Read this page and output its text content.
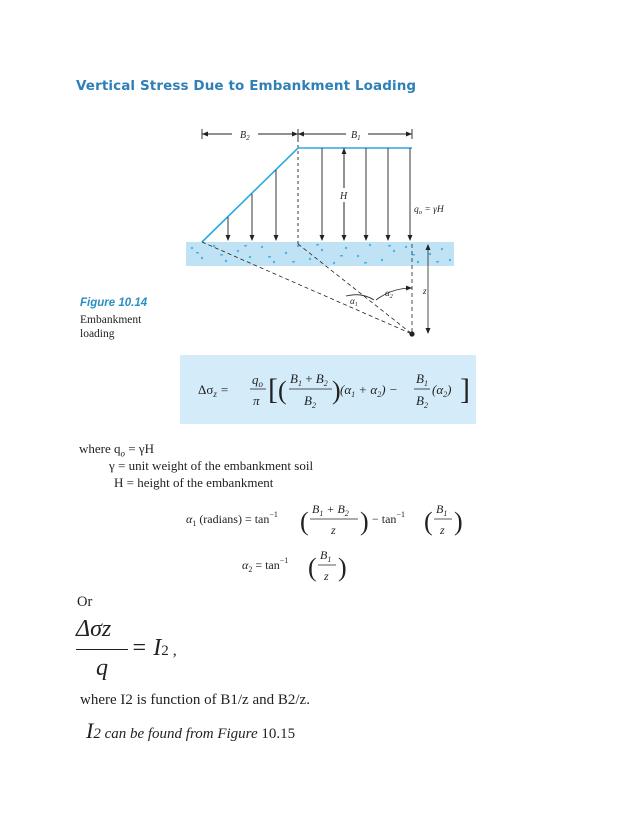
Vertical Stress Due to Embankment Loading
$B_2$	$B_1$
H
$q_o = \gamma H$
z
$\alpha_1$
$\alpha_2$
Figure 10.14
Embankment
loading
$\Delta\sigma_z$ =
$q_o$
π [ ( $B_1 + B_2$
$B_2$
) $(\alpha_1 + \alpha_2)$ −
$B_1$
$B_2$
$(\alpha_2)$ ]
where $q_o = \gamma H$
γ = unit weight of the embankment soil
H = height of the embankment
$\alpha_1$ (radians) = $\tan^{-1}$ ( $B_1 + B_2$
z ) − $\tan^{-1}$ ( $B_1$
z )
$\alpha_2 = \tan^{-1}$ ( $B_1$
z )
Or
Δσz
= I2 ,
q
where I2 is function of B1/z and B2/z.
I2 can be found from Figure 10.15
